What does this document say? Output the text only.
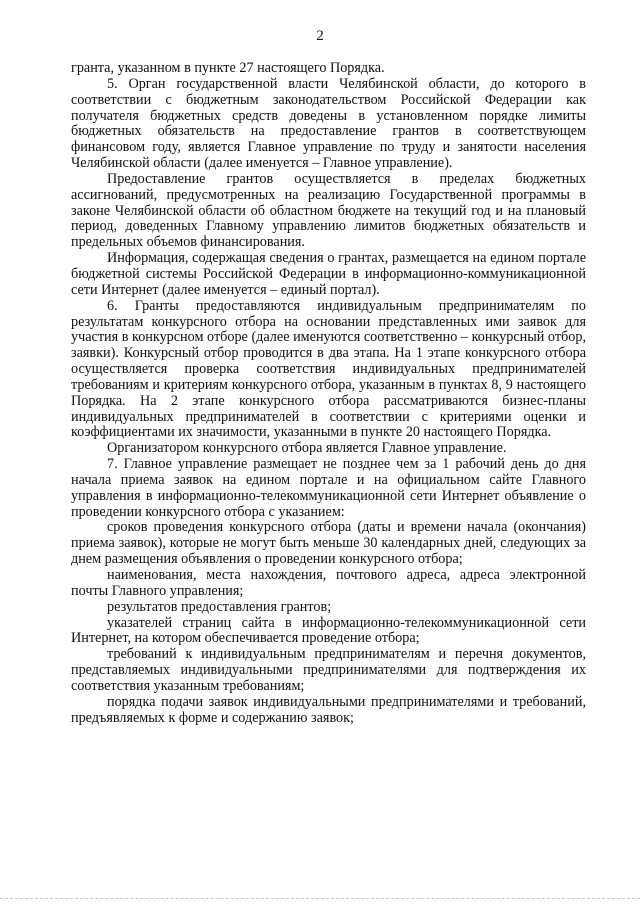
2

гранта, указанном в пункте 27 настоящего Порядка.

5. Орган государственной власти Челябинской области, до которого в соответствии с бюджетным законодательством Российской Федерации как получателя бюджетных средств доведены в установленном порядке лимиты бюджетных обязательств на предоставление грантов в соответствующем финансовом году, является Главное управление по труду и занятости населения Челябинской области (далее именуется – Главное управление).

Предоставление грантов осуществляется в пределах бюджетных ассигнований, предусмотренных на реализацию Государственной программы в законе Челябинской области об областном бюджете на текущий год и на плановый период, доведенных Главному управлению лимитов бюджетных обязательств и предельных объемов финансирования.

Информация, содержащая сведения о грантах, размещается на едином портале бюджетной системы Российской Федерации в информационно-коммуникационной сети Интернет (далее именуется – единый портал).

6. Гранты предоставляются индивидуальным предпринимателям по результатам конкурсного отбора на основании представленных ими заявок для участия в конкурсном отборе (далее именуются соответственно – конкурсный отбор, заявки). Конкурсный отбор проводится в два этапа. На 1 этапе конкурсного отбора осуществляется проверка соответствия индивидуальных предпринимателей требованиям и критериям конкурсного отбора, указанным в пунктах 8, 9 настоящего Порядка. На 2 этапе конкурсного отбора рассматриваются бизнес-планы индивидуальных предпринимателей в соответствии с критериями оценки и коэффициентами их значимости, указанными в пункте 20 настоящего Порядка.

Организатором конкурсного отбора является Главное управление.

7. Главное управление размещает не позднее чем за 1 рабочий день до дня начала приема заявок на едином портале и на официальном сайте Главного управления в информационно-телекоммуникационной сети Интернет объявление о проведении конкурсного отбора с указанием:

сроков проведения конкурсного отбора (даты и времени начала (окончания) приема заявок), которые не могут быть меньше 30 календарных дней, следующих за днем размещения объявления о проведении конкурсного отбора;

наименования, места нахождения, почтового адреса, адреса электронной почты Главного управления;

результатов предоставления грантов;

указателей страниц сайта в информационно-телекоммуникационной сети Интернет, на котором обеспечивается проведение отбора;

требований к индивидуальным предпринимателям и перечня документов, представляемых индивидуальными предпринимателями для подтверждения их соответствия указанным требованиям;

порядка подачи заявок индивидуальными предпринимателями и требований, предъявляемых к форме и содержанию заявок;
